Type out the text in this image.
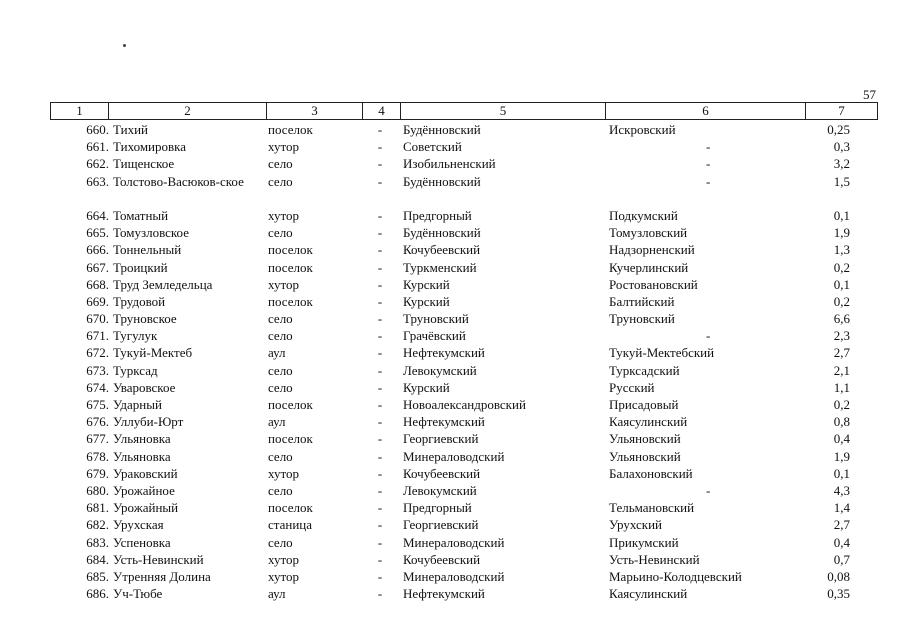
57
1	2	3	4	5	6	7
660. Тихий	поселок	- Будённовский	Искровский	0,25
661. Тихомировка	хутор	- Советский	-	0,3
662. Тищенское	село	- Изобильненский	-	3,2
663. Толстово-Васюков-ское	село	- Будённовский	-	1,5
664. Томатный	хутор	- Предгорный	Подкумский	0,1
665. Томузловское	село	- Будённовский	Томузловский	1,9
666. Тоннельный	поселок	- Кочубеевский	Надзорненский	1,3
667. Троицкий	поселок	- Туркменский	Кучерлинский	0,2
668. Труд Земледельца	хутор	- Курский	Ростовановский	0,1
669. Трудовой	поселок	- Курский	Балтийский	0,2
670. Труновское	село	- Труновский	Труновский	6,6
671. Тугулук	село	- Грачёвский	-	2,3
672. Тукуй-Мектеб	аул	- Нефтекумский	Тукуй-Мектебский	2,7
673. Турксад	село	- Левокумский	Турксадский	2,1
674. Уваровское	село	- Курский	Русский	1,1
675. Ударный	поселок	- Новоалександровский	Присадовый	0,2
676. Уллуби-Юрт	аул	- Нефтекумский	Каясулинский	0,8
677. Ульяновка	поселок	- Георгиевский	Ульяновский	0,4
678. Ульяновка	село	- Минераловодский	Ульяновский	1,9
679. Ураковский	хутор	- Кочубеевский	Балахоновский	0,1
680. Урожайное	село	- Левокумский	-	4,3
681. Урожайный	поселок	- Предгорный	Тельмановский	1,4
682. Урухская	станица	- Георгиевский	Урухский	2,7
683. Успеновка	село	- Минераловодский	Прикумский	0,4
684. Усть-Невинский	хутор	- Кочубеевский	Усть-Невинский	0,7
685. Утренняя Долина	хутор	- Минераловодский	Марьино-Колодцевский	0,08
686. Уч-Тюбе	аул	- Нефтекумский	Каясулинский	0,35
